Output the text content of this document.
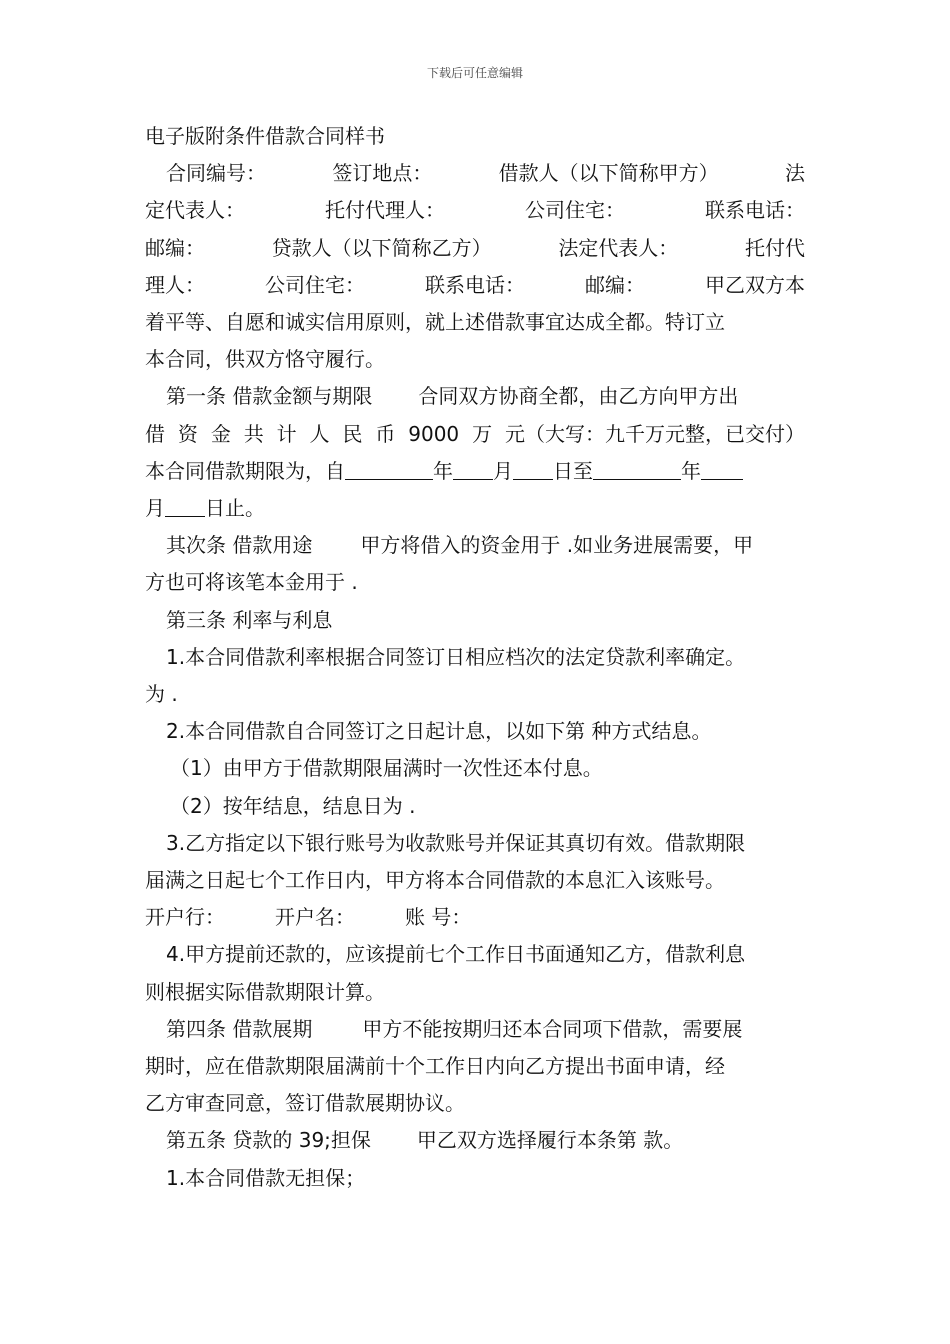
下载后可任意编辑

电子版附条件借款合同样书

合同编号：	签订地点：	借款人（以下简称甲方）	法
定代表人：	托付代理人：	公司住宅：	联系电话：
邮编：	贷款人（以下简称乙方）	法定代表人：	托付代
理人：	公司住宅：	联系电话：	邮编：	甲乙双方本

着平等、自愿和诚实信用原则，就上述借款事宜达成全都。特订立

本合同，供双方恪守履行。

第一条 借款金额与期限 合同双方协商全都，由乙方向甲方出
借 资 金 共 计 人 民 币 9000 万 元（大写：九千万元整，已交付）
本合同借款期限为，自	年 月 日至	年
月 日止。
其次条 借款用途 甲方将借入的资金用于 .如业务进展需要，甲

方也可将该笔本金用于 .

第三条 利率与利息

1.本合同借款利率根据合同签订日相应档次的法定贷款利率确定。

为 .

2.本合同借款自合同签订之日起计息，以如下第 种方式结息。

（1）由甲方于借款期限届满时一次性还本付息。

（2）按年结息，结息日为 .

3.乙方指定以下银行账号为收款账号并保证其真切有效。借款期限

届满之日起七个工作日内，甲方将本合同借款的本息汇入该账号。

开户行：	开户名：	账 号：

4.甲方提前还款的，应该提前七个工作日书面通知乙方，借款利息

则根据实际借款期限计算。

第四条 借款展期	甲方不能按期归还本合同项下借款，需要展

期时，应在借款期限届满前十个工作日内向乙方提出书面申请，经

乙方审查同意，签订借款展期协议。

第五条 贷款的 39;担保 甲乙双方选择履行本条第 款。

1.本合同借款无担保；
